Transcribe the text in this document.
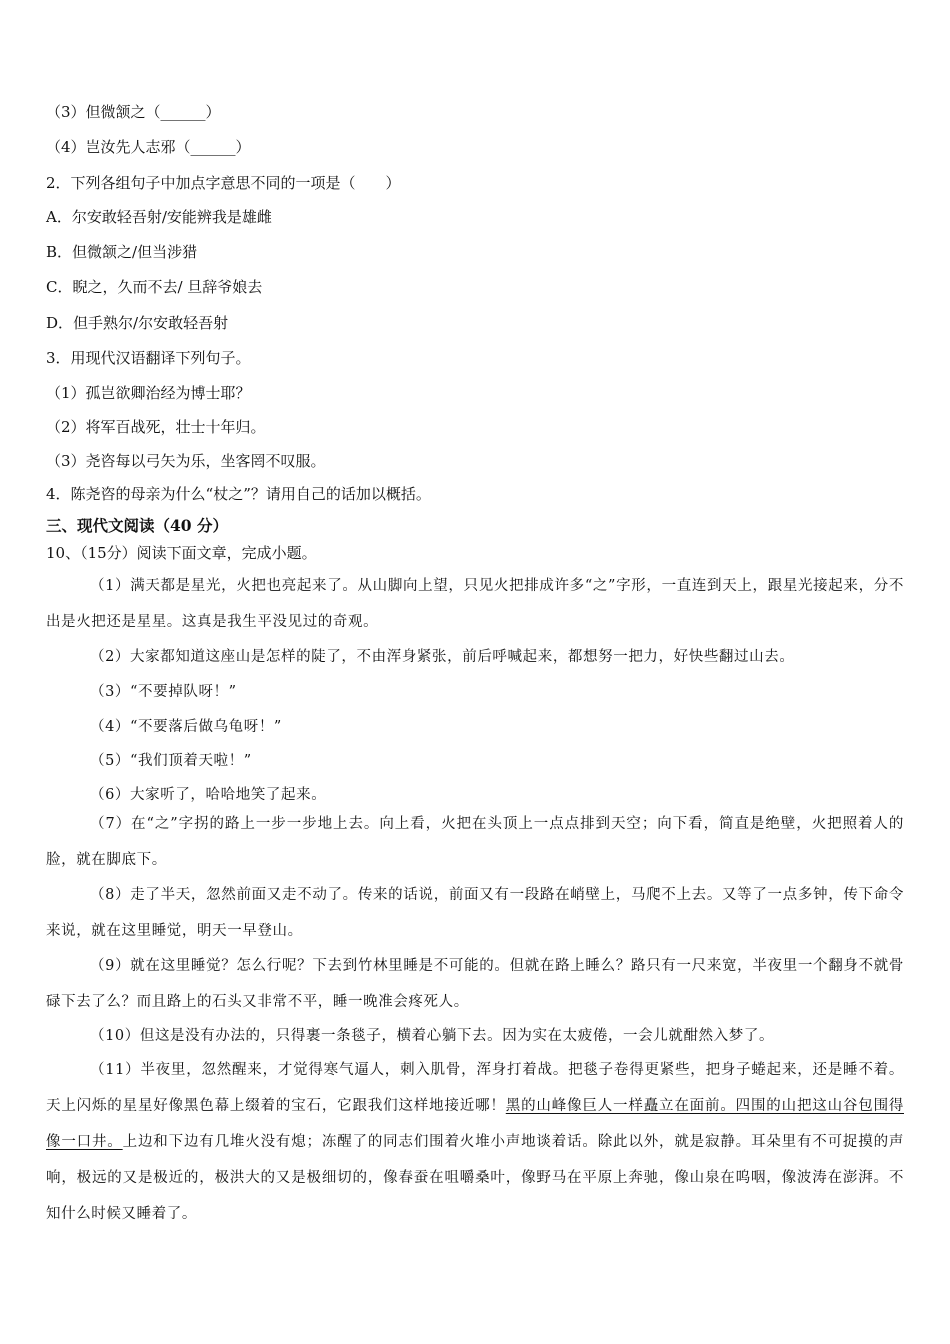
（3）但微颔之（______）
（4）岂汝先人志邪（______）
2．下列各组句子中加点字意思不同的一项是（　　）
A．尔安敢轻吾射/安能辨我是雄雌
B．但微颔之/但当涉猎
C．睨之，久而不去/ 旦辞爷娘去
D．但手熟尔/尔安敢轻吾射
3．用现代汉语翻译下列句子。
（1）孤岂欲卿治经为博士耶？
（2）将军百战死，壮士十年归。
（3）尧咨每以弓矢为乐，坐客罔不叹服。
4．陈尧咨的母亲为什么“杖之”？请用自己的话加以概括。
三、现代文阅读（40 分）
10、（15分）阅读下面文章，完成小题。
（1）满天都是星光，火把也亮起来了。从山脚向上望，只见火把排成许多“之”字形，一直连到天上，跟星光接起来，分不出是火把还是星星。这真是我生平没见过的奇观。
（2）大家都知道这座山是怎样的陡了，不由浑身紧张，前后呼喊起来，都想努一把力，好快些翻过山去。
（3）“不要掉队呀！”
（4）“不要落后做乌龟呀！”
（5）“我们顶着天啦！”
（6）大家听了，哈哈地笑了起来。
（7）在“之”字拐的路上一步一步地上去。向上看，火把在头顶上一点点排到天空；向下看，简直是绝壁，火把照着人的脸，就在脚底下。
（8）走了半天，忽然前面又走不动了。传来的话说，前面又有一段路在峭壁上，马爬不上去。又等了一点多钟，传下命令来说，就在这里睡觉，明天一早登山。
（9）就在这里睡觉？怎么行呢？下去到竹林里睡是不可能的。但就在路上睡么？路只有一尺来宽，半夜里一个翻身不就骨碌下去了么？而且路上的石头又非常不平，睡一晚准会疼死人。
（10）但这是没有办法的，只得裹一条毯子，横着心躺下去。因为实在太疲倦，一会儿就酣然入梦了。
（11）半夜里，忽然醒来，才觉得寒气逼人，刺入肌骨，浑身打着战。把毯子卷得更紧些，把身子蜷起来，还是睡不着。天上闪烁的星星好像黑色幕上缀着的宝石，它跟我们这样地接近哪！黑的山峰像巨人一样矗立在面前。四围的山把这山谷包围得像一口井。上边和下边有几堆火没有熄；冻醒了的同志们围着火堆小声地谈着话。除此以外，就是寂静。耳朵里有不可捉摸的声响，极远的又是极近的，极洪大的又是极细切的，像春蚕在咀嚼桑叶，像野马在平原上奔驰，像山泉在呜咽，像波涛在澎湃。不知什么时候又睡着了。
